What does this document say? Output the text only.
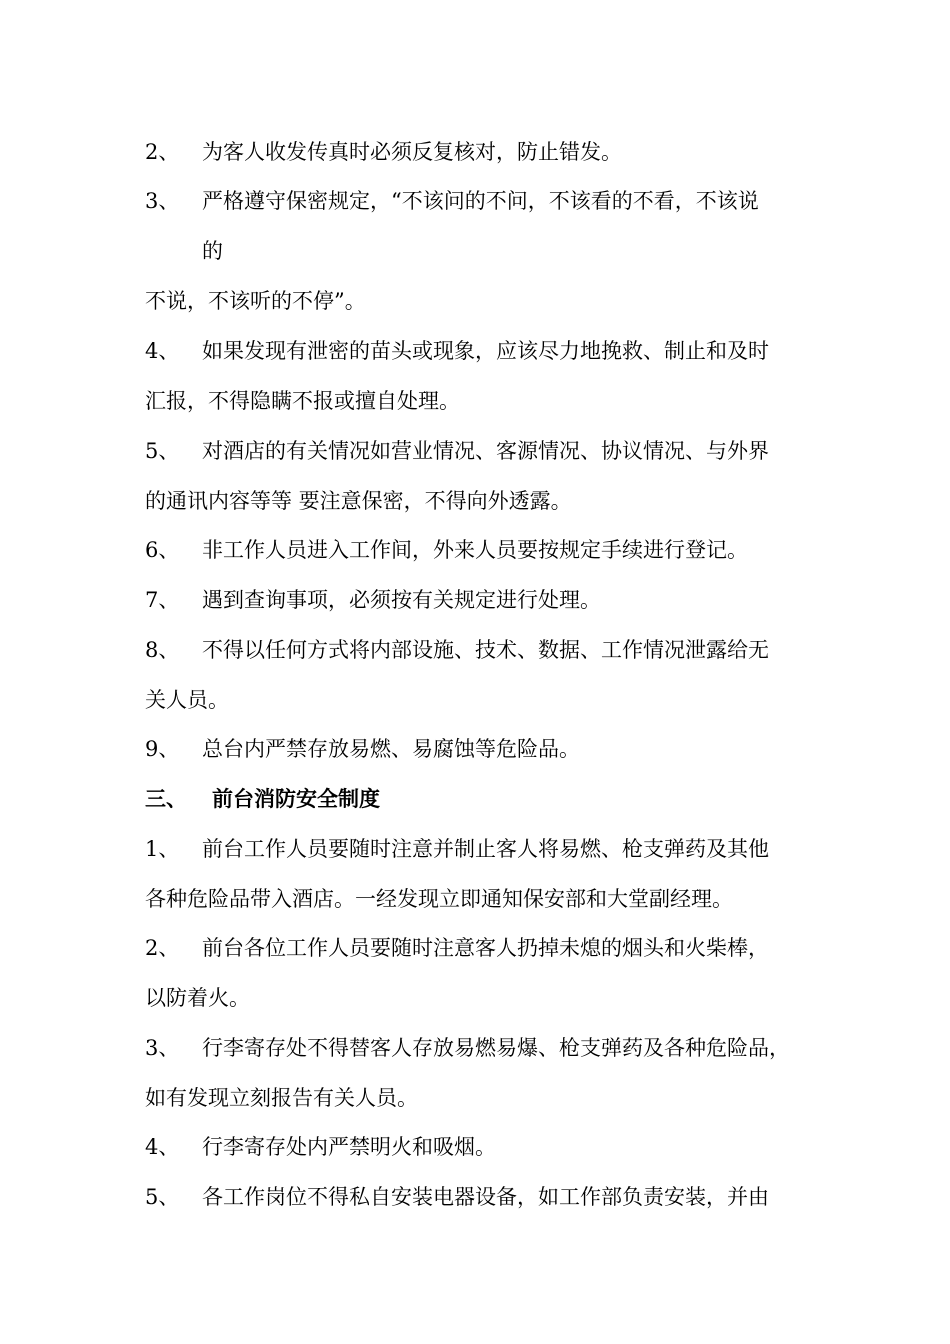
2、 为客人收发传真时必须反复核对，防止错发。
3、 严格遵守保密规定，“不该问的不问，不该看的不看，不该说
的
不说，不该听的不停”。
4、 如果发现有泄密的苗头或现象，应该尽力地挽救、制止和及时
汇报，不得隐瞒不报或擅自处理。
5、 对酒店的有关情况如营业情况、客源情况、协议情况、与外界
的通讯内容等等 要注意保密，不得向外透露。
6、 非工作人员进入工作间，外来人员要按规定手续进行登记。
7、 遇到查询事项，必须按有关规定进行处理。
8、 不得以任何方式将内部设施、技术、数据、工作情况泄露给无
关人员。
9、 总台内严禁存放易燃、易腐蚀等危险品。
三、 前台消防安全制度
1、 前台工作人员要随时注意并制止客人将易燃、枪支弹药及其他
各种危险品带入酒店。一经发现立即通知保安部和大堂副经理。
2、 前台各位工作人员要随时注意客人扔掉未熄的烟头和火柴棒，
以防着火。
3、 行李寄存处不得替客人存放易燃易爆、枪支弹药及各种危险品，
如有发现立刻报告有关人员。
4、 行李寄存处内严禁明火和吸烟。
5、 各工作岗位不得私自安装电器设备，如工作部负责安装，并由
